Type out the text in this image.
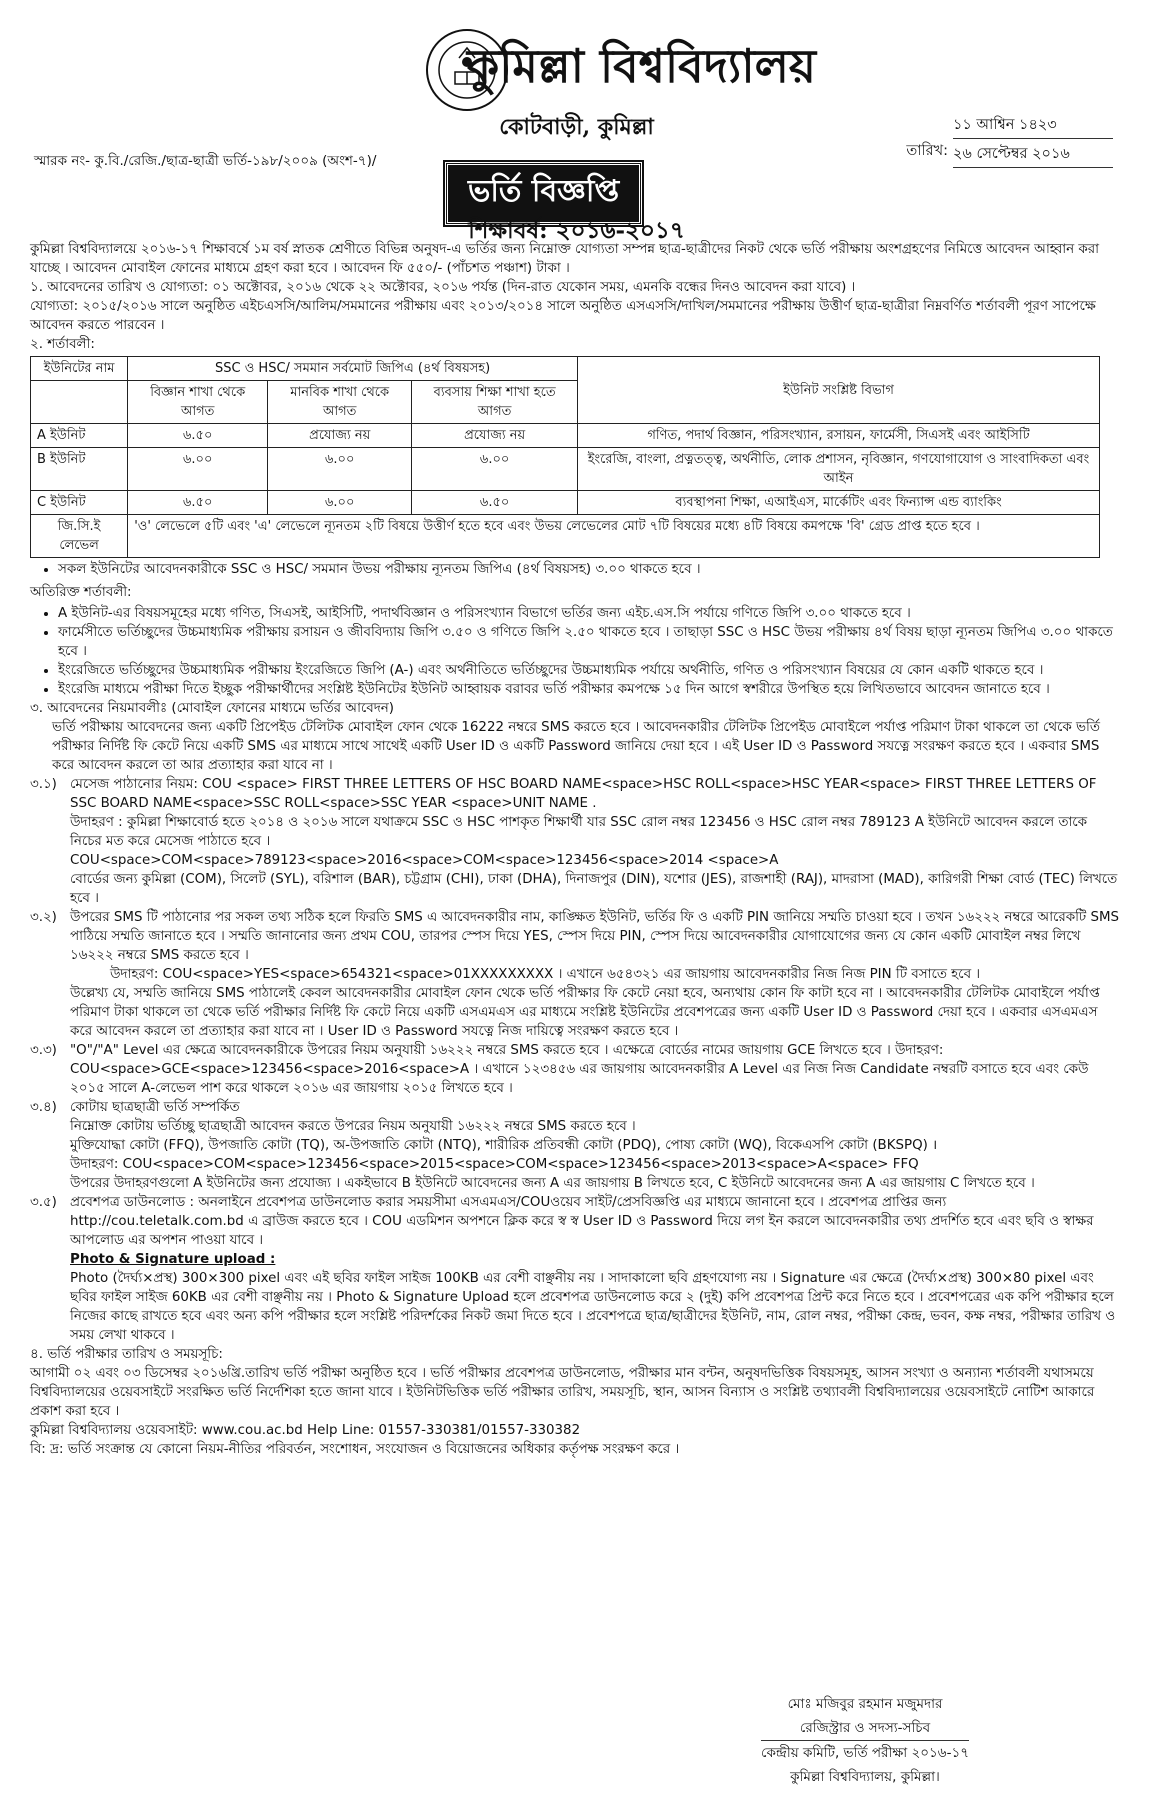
কুমিল্লা বিশ্ববিদ্যালয়
কোটবাড়ী, কুমিল্লা
স্মারক নং- কু.বি./রেজি./ছাত্র-ছাত্রী ভর্তি-১৯৮/২০০৯ (অংশ-৭)/
তারিখ:
১১ আশ্বিন ১৪২৩
২৬ সেপ্টেম্বর ২০১৬
ভর্তি বিজ্ঞপ্তি
শিক্ষাবর্ষ: ২০১৬-২০১৭

কুমিল্লা বিশ্ববিদ্যালয়ে ২০১৬-১৭ শিক্ষাবর্ষে ১ম বর্ষ স্নাতক শ্রেণীতে বিভিন্ন অনুষদ-এ ভর্তির জন্য নিম্নোক্ত যোগ্যতা সম্পন্ন ছাত্র-ছাত্রীদের নিকট থেকে ভর্তি পরীক্ষায় অংশগ্রহণের নিমিত্তে আবেদন আহ্বান করা যাচ্ছে । আবেদন মোবাইল ফোনের মাধ্যমে গ্রহণ করা হবে । আবেদন ফি ৫৫০/- (পাঁচশত পঞ্চাশ) টাকা ।

১. আবেদনের তারিখ ও যোগ্যতা: ০১ অক্টোবর, ২০১৬ থেকে ২২ অক্টোবর, ২০১৬ পর্যন্ত (দিন-রাত যেকোন সময়, এমনকি বন্ধের দিনও আবেদন করা যাবে) ।

যোগ্যতা: ২০১৫/২০১৬ সালে অনুষ্ঠিত এইচএসসি/আলিম/সমমানের পরীক্ষায় এবং ২০১৩/২০১৪ সালে অনুষ্ঠিত এসএসসি/দাখিল/সমমানের পরীক্ষায় উত্তীর্ণ ছাত্র-ছাত্রীরা নিম্নবর্ণিত শর্তাবলী পূরণ সাপেক্ষে আবেদন করতে পারবেন ।

২. শর্তাবলী:

ইউনিটের নাম	SSC ও HSC/ সমমান সর্বমোট জিপিএ (৪র্থ বিষয়সহ)			ইউনিট সংশ্লিষ্ট বিভাগ
	বিজ্ঞান শাখা থেকে আগত	মানবিক শাখা থেকে আগত	ব্যবসায় শিক্ষা শাখা হতে আগত	
A ইউনিট	৬.৫০	প্রযোজ্য নয়	প্রযোজ্য নয়	গণিত, পদার্থ বিজ্ঞান, পরিসংখ্যান, রসায়ন, ফার্মেসী, সিএসই এবং আইসিটি
B ইউনিট	৬.০০	৬.০০	৬.০০	ইংরেজি, বাংলা, প্রত্নতত্ত্ব, অর্থনীতি, লোক প্রশাসন, নৃবিজ্ঞান, গণযোগাযোগ ও সাংবাদিকতা এবং আইন
C ইউনিট	৬.৫০	৬.০০	৬.৫০	ব্যবস্থাপনা শিক্ষা, এআইএস, মার্কেটিং এবং ফিন্যান্স এন্ড ব্যাংকিং
জি.সি.ই লেভেল	'ও' লেভেলে ৫টি এবং 'এ' লেভেলে ন্যূনতম ২টি বিষয়ে উত্তীর্ণ হতে হবে এবং উভয় লেভেলের মোট ৭টি বিষয়ের মধ্যে ৪টি বিষয়ে কমপক্ষে 'বি' গ্রেড প্রাপ্ত হতে হবে ।			
• সকল ইউনিটের আবেদনকারীকে SSC ও HSC/ সমমান উভয় পরীক্ষায় ন্যূনতম জিপিএ (৪র্থ বিষয়সহ) ৩.০০ থাকতে হবে ।

অতিরিক্ত শর্তাবলী:

• A ইউনিট-এর বিষয়সমূহের মধ্যে গণিত, সিএসই, আইসিটি, পদার্থবিজ্ঞান ও পরিসংখ্যান বিভাগে ভর্তির জন্য এইচ.এস.সি পর্যায়ে গণিতে জিপি ৩.০০ থাকতে হবে ।
• ফার্মেসীতে ভর্তিচ্ছুদের উচ্চমাধ্যমিক পরীক্ষায় রসায়ন ও জীববিদ্যায় জিপি ৩.৫০ ও গণিতে জিপি ২.৫০ থাকতে হবে । তাছাড়া SSC ও HSC উভয় পরীক্ষায় ৪র্থ বিষয় ছাড়া ন্যূনতম জিপিএ ৩.০০ থাকতে হবে ।
• ইংরেজিতে ভর্তিচ্ছুদের উচ্চমাধ্যমিক পরীক্ষায় ইংরেজিতে জিপি (A-) এবং অর্থনীতিতে ভর্তিচ্ছুদের উচ্চমাধ্যমিক পর্যায়ে অর্থনীতি, গণিত ও পরিসংখ্যান বিষয়ের যে কোন একটি থাকতে হবে ।
• ইংরেজি মাধ্যমে পরীক্ষা দিতে ইচ্ছুক পরীক্ষার্থীদের সংশ্লিষ্ট ইউনিটের ইউনিট আহ্বায়ক বরাবর ভর্তি পরীক্ষার কমপক্ষে ১৫ দিন আগে স্বশরীরে উপস্থিত হয়ে লিখিতভাবে আবেদন জানাতে হবে ।

৩. আবেদনের নিয়মাবলীঃ (মোবাইল ফোনের মাধ্যমে ভর্তির আবেদন)

ভর্তি পরীক্ষায় আবেদনের জন্য একটি প্রিপেইড টেলিটক মোবাইল ফোন থেকে 16222 নম্বরে SMS করতে হবে । আবেদনকারীর টেলিটক প্রিপেইড মোবাইলে পর্যাপ্ত পরিমাণ টাকা থাকলে তা থেকে ভর্তি পরীক্ষার নির্দিষ্ট ফি কেটে নিয়ে একটি SMS এর মাধ্যমে সাথে সাথেই একটি User ID ও একটি Password জানিয়ে দেয়া হবে । এই User ID ও Password সযত্নে সংরক্ষণ করতে হবে । একবার SMS করে আবেদন করলে তা আর প্রত্যাহার করা যাবে না ।

৩.১) মেসেজ পাঠানোর নিয়ম: COU <space> FIRST THREE LETTERS OF HSC BOARD NAME<space>HSC ROLL<space>HSC YEAR<space> FIRST THREE LETTERS OF SSC BOARD NAME<space>SSC ROLL<space>SSC YEAR <space>UNIT NAME .

উদাহরণ : কুমিল্লা শিক্ষাবোর্ড হতে ২০১৪ ও ২০১৬ সালে যথাক্রমে SSC ও HSC পাশকৃত শিক্ষার্থী যার SSC রোল নম্বর 123456 ও HSC রোল নম্বর 789123 A ইউনিটে আবেদন করলে তাকে নিচের মত করে মেসেজ পাঠাতে হবে ।

COU<space>COM<space>789123<space>2016<space>COM<space>123456<space>2014 <space>A

বোর্ডের জন্য কুমিল্লা (COM), সিলেট (SYL), বরিশাল (BAR), চট্টগ্রাম (CHI), ঢাকা (DHA), দিনাজপুর (DIN), যশোর (JES), রাজশাহী (RAJ), মাদরাসা (MAD), কারিগরী শিক্ষা বোর্ড (TEC) লিখতে হবে ।

৩.২) উপরের SMS টি পাঠানোর পর সকল তথ্য সঠিক হলে ফিরতি SMS এ আবেদনকারীর নাম, কাঙ্ক্ষিত ইউনিট, ভর্তির ফি ও একটি PIN জানিয়ে সম্মতি চাওয়া হবে । তখন ১৬২২২ নম্বরে আরেকটি SMS পাঠিয়ে সম্মতি জানাতে হবে । সম্মতি জানানোর জন্য প্রথম COU, তারপর স্পেস দিয়ে YES, স্পেস দিয়ে PIN, স্পেস দিয়ে আবেদনকারীর যোগাযোগের জন্য যে কোন একটি মোবাইল নম্বর লিখে ১৬২২২ নম্বরে SMS করতে হবে ।

উদাহরণ: COU<space>YES<space>654321<space>01XXXXXXXXX । এখানে ৬৫৪৩২১ এর জায়গায় আবেদনকারীর নিজ নিজ PIN টি বসাতে হবে ।

উল্লেখ্য যে, সম্মতি জানিয়ে SMS পাঠালেই কেবল আবেদনকারীর মোবাইল ফোন থেকে ভর্তি পরীক্ষার ফি কেটে নেয়া হবে, অন্যথায় কোন ফি কাটা হবে না । আবেদনকারীর টেলিটক মোবাইলে পর্যাপ্ত পরিমাণ টাকা থাকলে তা থেকে ভর্তি পরীক্ষার নির্দিষ্ট ফি কেটে নিয়ে একটি এসএমএস এর মাধ্যমে সংশ্লিষ্ট ইউনিটের প্রবেশপত্রের জন্য একটি User ID ও Password দেয়া হবে । একবার এসএমএস করে আবেদন করলে তা প্রত্যাহার করা যাবে না । User ID ও Password সযত্নে নিজ দায়িত্বে সংরক্ষণ করতে হবে ।

৩.৩) "O"/"A" Level এর ক্ষেত্রে আবেদনকারীকে উপরের নিয়ম অনুযায়ী ১৬২২২ নম্বরে SMS করতে হবে । এক্ষেত্রে বোর্ডের নামের জায়গায় GCE লিখতে হবে । উদাহরণ: COU<space>GCE<space>123456<space>2016<space>A । এখানে ১২৩৪৫৬ এর জায়গায় আবেদনকারীর A Level এর নিজ নিজ Candidate নম্বরটি বসাতে হবে এবং কেউ ২০১৫ সালে A-লেভেল পাশ করে থাকলে ২০১৬ এর জায়গায় ২০১৫ লিখতে হবে ।

৩.৪) কোটায় ছাত্রছাত্রী ভর্তি সম্পর্কিত

নিম্নোক্ত কোটায় ভর্তিচ্ছু ছাত্রছাত্রী আবেদন করতে উপরের নিয়ম অনুযায়ী ১৬২২২ নম্বরে SMS করতে হবে ।

মুক্তিযোদ্ধা কোটা (FFQ), উপজাতি কোটা (TQ), অ-উপজাতি কোটা (NTQ), শারীরিক প্রতিবন্ধী কোটা (PDQ), পোষ্য কোটা (WQ), বিকেএসপি কোটা (BKSPQ) ।

উদাহরণ: COU<space>COM<space>123456<space>2015<space>COM<space>123456<space>2013<space>A<space> FFQ

উপরের উদাহরণগুলো A ইউনিটের জন্য প্রযোজ্য । একইভাবে B ইউনিটে আবেদনের জন্য A এর জায়গায় B লিখতে হবে, C ইউনিটে আবেদনের জন্য A এর জায়গায় C লিখতে হবে ।

৩.৫) প্রবেশপত্র ডাউনলোড : অনলাইনে প্রবেশপত্র ডাউনলোড করার সময়সীমা এসএমএস/COUওয়েব সাইট/প্রেসবিজ্ঞপ্তি এর মাধ্যমে জানানো হবে । প্রবেশপত্র প্রাপ্তির জন্য http://cou.teletalk.com.bd এ ব্রাউজ করতে হবে । COU এডমিশন অপশনে ক্লিক করে স্ব স্ব User ID ও Password দিয়ে লগ ইন করলে আবেদনকারীর তথ্য প্রদর্শিত হবে এবং ছবি ও স্বাক্ষর আপলোড এর অপশন পাওয়া যাবে ।

Photo & Signature upload :

Photo (দৈর্ঘ্য×প্রস্থ) 300×300 pixel এবং এই ছবির ফাইল সাইজ 100KB এর বেশী বাঞ্ছনীয় নয় । সাদাকালো ছবি গ্রহণযোগ্য নয় । Signature এর ক্ষেত্রে (দৈর্ঘ্য×প্রস্থ) 300×80 pixel এবং ছবির ফাইল সাইজ 60KB এর বেশী বাঞ্ছনীয় নয় । Photo & Signature Upload হলে প্রবেশপত্র ডাউনলোড করে ২ (দুই) কপি প্রবেশপত্র প্রিন্ট করে নিতে হবে । প্রবেশপত্রের এক কপি পরীক্ষার হলে নিজের কাছে রাখতে হবে এবং অন্য কপি পরীক্ষার হলে সংশ্লিষ্ট পরিদর্শকের নিকট জমা দিতে হবে । প্রবেশপত্রে ছাত্র/ছাত্রীদের ইউনিট, নাম, রোল নম্বর, পরীক্ষা কেন্দ্র, ভবন, কক্ষ নম্বর, পরীক্ষার তারিখ ও সময় লেখা থাকবে ।

৪. ভর্তি পরীক্ষার তারিখ ও সময়সূচি:

আগামী ০২ এবং ০৩ ডিসেম্বর ২০১৬খ্রি.তারিখ ভর্তি পরীক্ষা অনুষ্ঠিত হবে । ভর্তি পরীক্ষার প্রবেশপত্র ডাউনলোড, পরীক্ষার মান বন্টন, অনুষদভিত্তিক বিষয়সমূহ, আসন সংখ্যা ও অন্যান্য শর্তাবলী যথাসময়ে বিশ্ববিদ্যালয়ের ওয়েবসাইটে সংরক্ষিত ভর্তি নির্দেশিকা হতে জানা যাবে । ইউনিটভিত্তিক ভর্তি পরীক্ষার তারিখ, সময়সূচি, স্থান, আসন বিন্যাস ও সংশ্লিষ্ট তথ্যাবলী বিশ্ববিদ্যালয়ের ওয়েবসাইটে নোটিশ আকারে প্রকাশ করা হবে ।

কুমিল্লা বিশ্ববিদ্যালয় ওয়েবসাইট: www.cou.ac.bd Help Line: 01557-330381/01557-330382

বি: দ্র: ভর্তি সংক্রান্ত যে কোনো নিয়ম-নীতির পরিবর্তন, সংশোধন, সংযোজন ও বিয়োজনের অধিকার কর্তৃপক্ষ সংরক্ষণ করে ।

মোঃ মজিবুর রহমান মজুমদার
রেজিস্ট্রার ও সদস্য-সচিব
কেন্দ্রীয় কমিটি, ভর্তি পরীক্ষা ২০১৬-১৭
কুমিল্লা বিশ্ববিদ্যালয়, কুমিল্লা।
